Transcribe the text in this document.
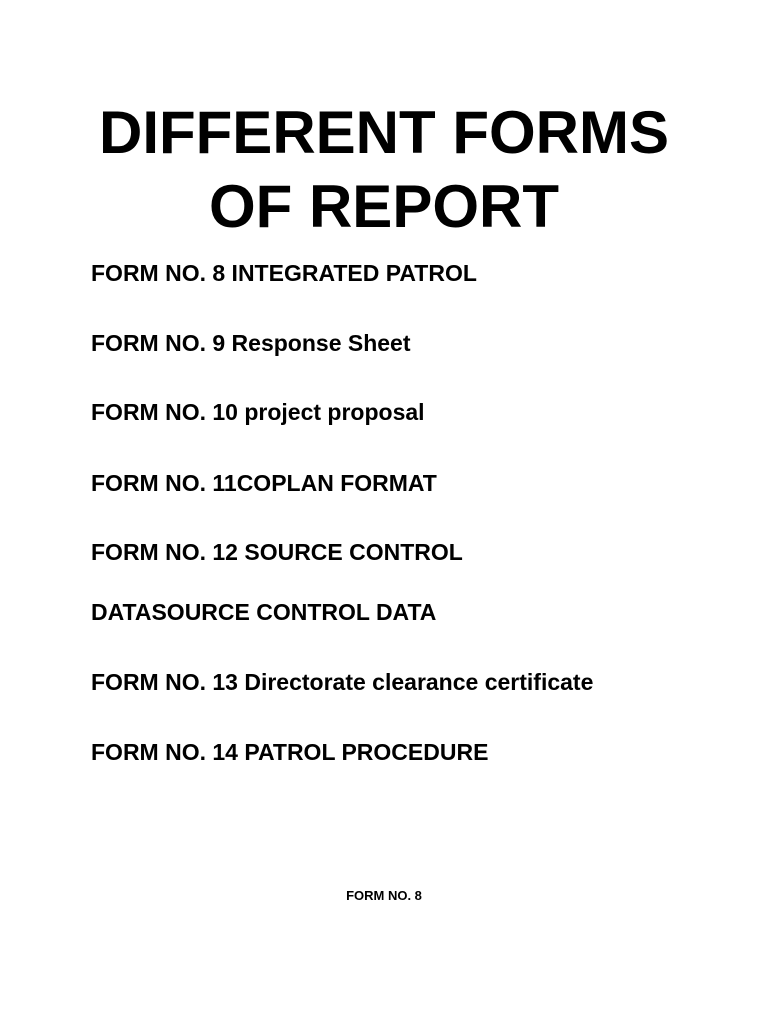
DIFFERENT FORMS
OF REPORT

FORM NO. 8 INTEGRATED PATROL

FORM NO. 9 Response Sheet

FORM NO. 10 project proposal

FORM NO. 11COPLAN FORMAT

FORM NO. 12 SOURCE CONTROL

DATASOURCE CONTROL DATA

FORM NO. 13 Directorate clearance certificate

FORM NO. 14 PATROL PROCEDURE

FORM NO. 8
